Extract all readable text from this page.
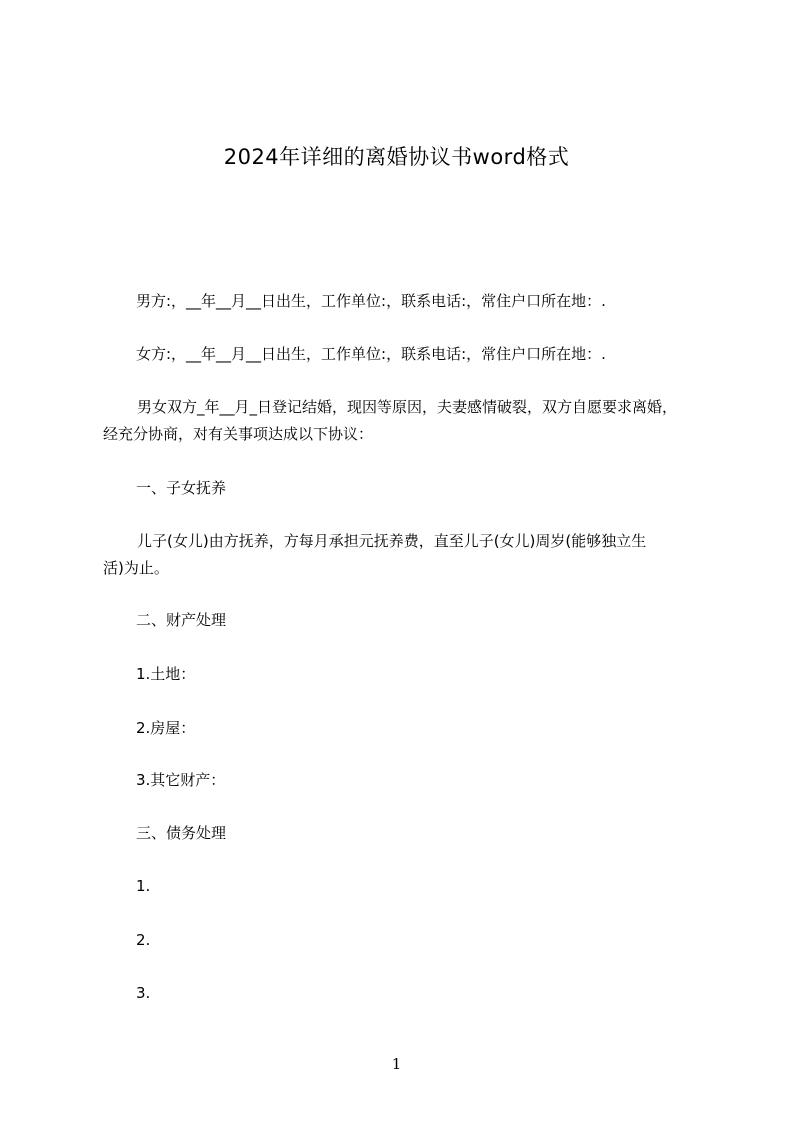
2024年详细的离婚协议书word格式
男方:，__年__月__日出生，工作单位:，联系电话:，常住户口所在地：.
女方:，__年__月__日出生，工作单位:，联系电话:，常住户口所在地：.
男女双方_年__月_日登记结婚，现因等原因，夫妻感情破裂，双方自愿要求离婚，
经充分协商，对有关事项达成以下协议：
一、子女抚养
儿子(女儿)由方抚养，方每月承担元抚养费，直至儿子(女儿)周岁(能够独立生
活)为止。
二、财产处理
1.土地：
2.房屋：
3.其它财产：
三、债务处理
1.
2.
3.
1
